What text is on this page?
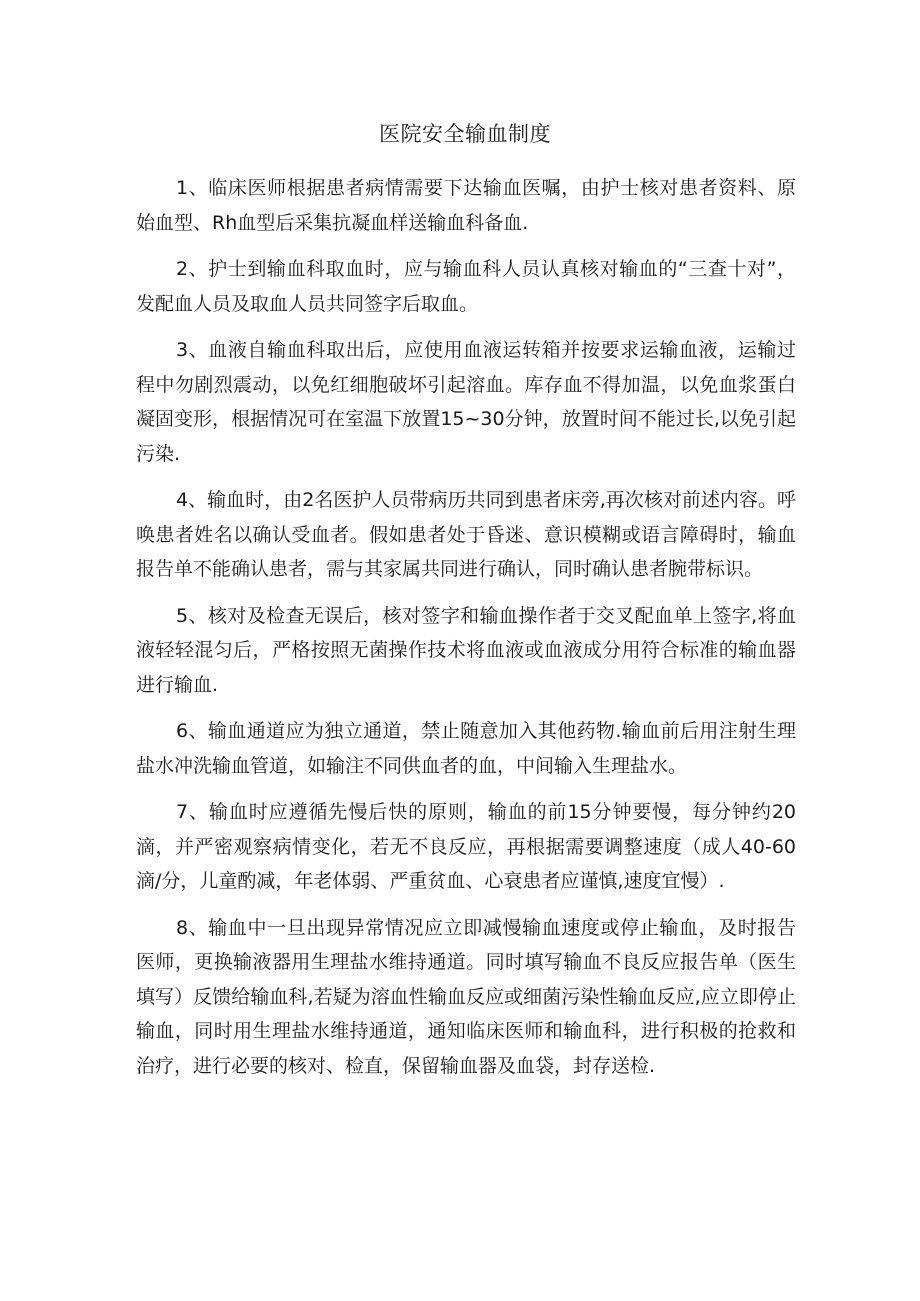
医院安全输血制度

1、临床医师根据患者病情需要下达输血医嘱，由护士核对患者资料、原始血型、Rh血型后采集抗凝血样送输血科备血.

2、护士到输血科取血时，应与输血科人员认真核对输血的“三查十对”，发配血人员及取血人员共同签字后取血。

3、血液自输血科取出后，应使用血液运转箱并按要求运输血液，运输过程中勿剧烈震动，以免红细胞破坏引起溶血。库存血不得加温，以免血浆蛋白凝固变形，根据情况可在室温下放置15~30分钟，放置时间不能过长,以免引起污染.

4、输血时，由2名医护人员带病历共同到患者床旁,再次核对前述内容。呼唤患者姓名以确认受血者。假如患者处于昏迷、意识模糊或语言障碍时，输血报告单不能确认患者，需与其家属共同进行确认，同时确认患者腕带标识。

5、核对及检查无误后，核对签字和输血操作者于交叉配血单上签字,将血液轻轻混匀后，严格按照无菌操作技术将血液或血液成分用符合标准的输血器进行输血.

6、输血通道应为独立通道，禁止随意加入其他药物.输血前后用注射生理盐水冲洗输血管道，如输注不同供血者的血，中间输入生理盐水。

7、输血时应遵循先慢后快的原则，输血的前15分钟要慢，每分钟约20滴，并严密观察病情变化，若无不良反应，再根据需要调整速度（成人40-60滴/分，儿童酌减，年老体弱、严重贫血、心衰患者应谨慎,速度宜慢）.

8、输血中一旦出现异常情况应立即减慢输血速度或停止输血，及时报告医师，更换输液器用生理盐水维持通道。同时填写输血不良反应报告单（医生填写）反馈给输血科,若疑为溶血性输血反应或细菌污染性输血反应,应立即停止输血，同时用生理盐水维持通道，通知临床医师和输血科，进行积极的抢救和治疗，进行必要的核对、检直，保留输血器及血袋，封存送检.
